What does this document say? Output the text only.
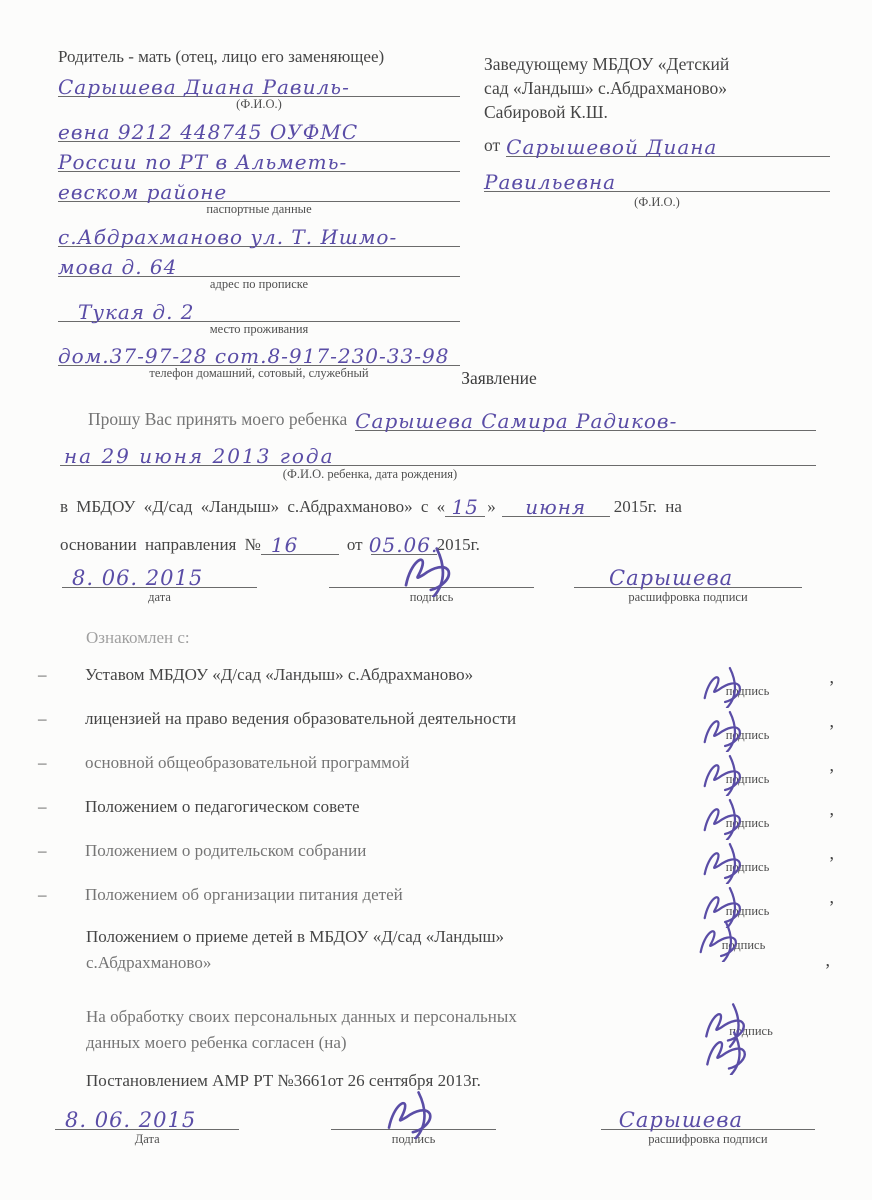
Родитель - мать (отец, лицо его заменяющее)
Сарышева Диана Равиль-
(Ф.И.О.)
евна 9212 448745 ОУФМС
России по РТ в Альметь-
евском районе
паспортные данные
с.Абдрахманово ул. Т. Ишмо-
мова д. 64
адрес по прописке
Тукая д. 2
место проживания
дом.37-97-28 сот.8-917-230-33-98
телефон домашний, сотовый, служебный
Заведующему МБДОУ «Детский
сад «Ландыш» с.Абдрахманово»
Сабировой К.Ш.
от Сарышевой Диана
Равильевна
(Ф.И.О.)
Заявление
Прошу Вас принять моего ребенка Сарышева Самира Радиков-
на 29 июня 2013 года
(Ф.И.О. ребенка, дата рождения)
в МБДОУ «Д/сад «Ландыш» с.Абдрахманово» с « 15 »	июня 2015г. на
основании направления № 16	от 05.06.
2015г.
8. 06. 2015
дата	подпись
Сарышева
расшифровка подписи
Ознакомлен с:
–	Уставом МБДОУ «Д/сад «Ландыш» с.Абдрахманово»
подпись
,
–	лицензией на право ведения образовательной деятельности
подпись
,
–	основной общеобразовательной программой
подпись
,
–	Положением о педагогическом совете
подпись
,
–	Положением о родительском собрании
подпись
,
–	Положением об организации питания детей
подпись
,
Положением о приеме детей в МБДОУ «Д/сад «Ландыш»
с.Абдрахманово»
подпись
,
На обработку своих персональных данных и персональных
данных моего ребенка согласен (на)
подпись
Постановлением АМР РТ №3661от 26 сентября 2013г.
8. 06. 2015
Дата	подпись
Сарышева
расшифровка подписи
